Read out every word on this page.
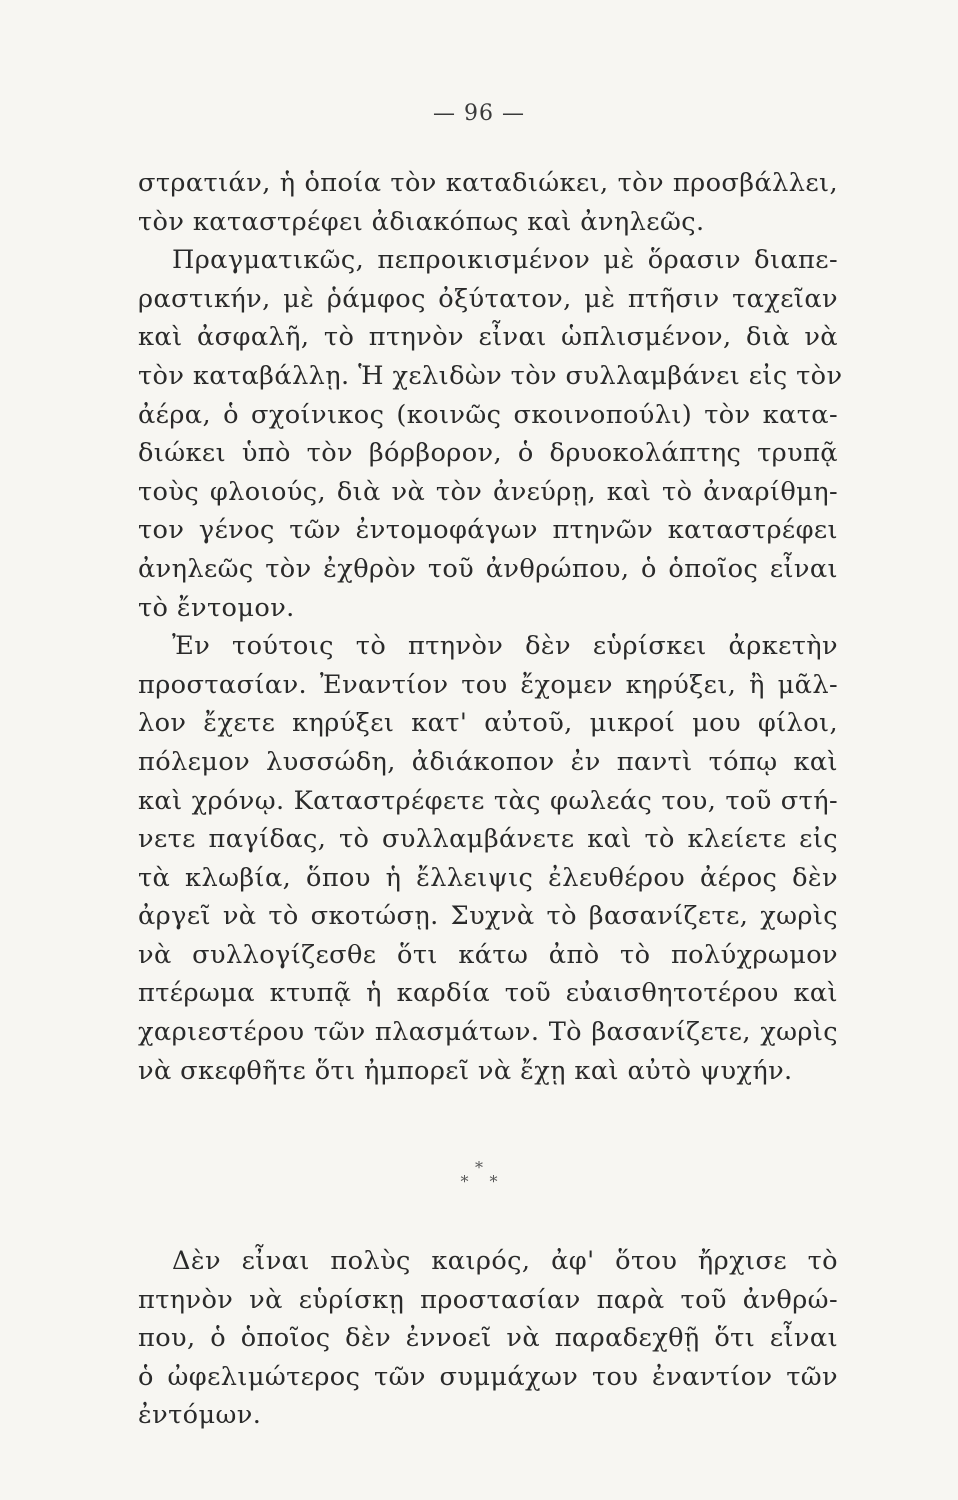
— 96 —
στρατιάν, ἡ ὁποία τὸν καταδιώκει, τὸν προσβάλλει,
τὸν καταστρέφει ἀδιακόπως καὶ ἀνηλεῶς.
Πραγματικῶς, πεπροικισμένον μὲ ὅρασιν διαπε-
ραστικήν, μὲ ῥάμφος ὀξύτατον, μὲ πτῆσιν ταχεῖαν
καὶ ἀσφαλῆ, τὸ πτηνὸν εἶναι ὡπλισμένον, διὰ νὰ
τὸν καταβάλλῃ. Ἡ χελιδὼν τὸν συλλαμβάνει εἰς τὸν
ἀέρα, ὁ σχοίνικος (κοινῶς σκοινοπούλι) τὸν κατα-
διώκει ὑπὸ τὸν βόρβορον, ὁ δρυοκολάπτης τρυπᾷ
τοὺς φλοιούς, διὰ νὰ τὸν ἀνεύρῃ, καὶ τὸ ἀναρίθμη-
τον γένος τῶν ἐντομοφάγων πτηνῶν καταστρέφει
ἀνηλεῶς τὸν ἐχθρὸν τοῦ ἀνθρώπου, ὁ ὁποῖος εἶναι
τὸ ἔντομον.
Ἐν τούτοις τὸ πτηνὸν δὲν εὑρίσκει ἀρκετὴν
προστασίαν. Ἐναντίον του ἔχομεν κηρύξει, ἢ μᾶλ-
λον ἔχετε κηρύξει κατ' αὐτοῦ, μικροί μου φίλοι,
πόλεμον λυσσώδη, ἀδιάκοπον ἐν παντὶ τόπῳ καὶ
καὶ χρόνῳ. Καταστρέφετε τὰς φωλεάς του, τοῦ στή-
νετε παγίδας, τὸ συλλαμβάνετε καὶ τὸ κλείετε εἰς
τὰ κλωβία, ὅπου ἡ ἔλλειψις ἐλευθέρου ἀέρος δὲν
ἀργεῖ νὰ τὸ σκοτώσῃ. Συχνὰ τὸ βασανίζετε, χωρὶς
νὰ συλλογίζεσθε ὅτι κάτω ἀπὸ τὸ πολύχρωμον
πτέρωμα κτυπᾷ ἡ καρδία τοῦ εὐαισθητοτέρου καὶ
χαριεστέρου τῶν πλασμάτων. Τὸ βασανίζετε, χωρὶς
νὰ σκεφθῆτε ὅτι ἠμπορεῖ νὰ ἔχῃ καὶ αὐτὸ ψυχήν.
*
* *
Δὲν εἶναι πολὺς καιρός, ἀφ' ὅτου ἤρχισε τὸ
πτηνὸν νὰ εὑρίσκῃ προστασίαν παρὰ τοῦ ἀνθρώ-
που, ὁ ὁποῖος δὲν ἐννοεῖ νὰ παραδεχθῇ ὅτι εἶναι
ὁ ὠφελιμώτερος τῶν συμμάχων του ἐναντίον τῶν
ἐντόμων.
